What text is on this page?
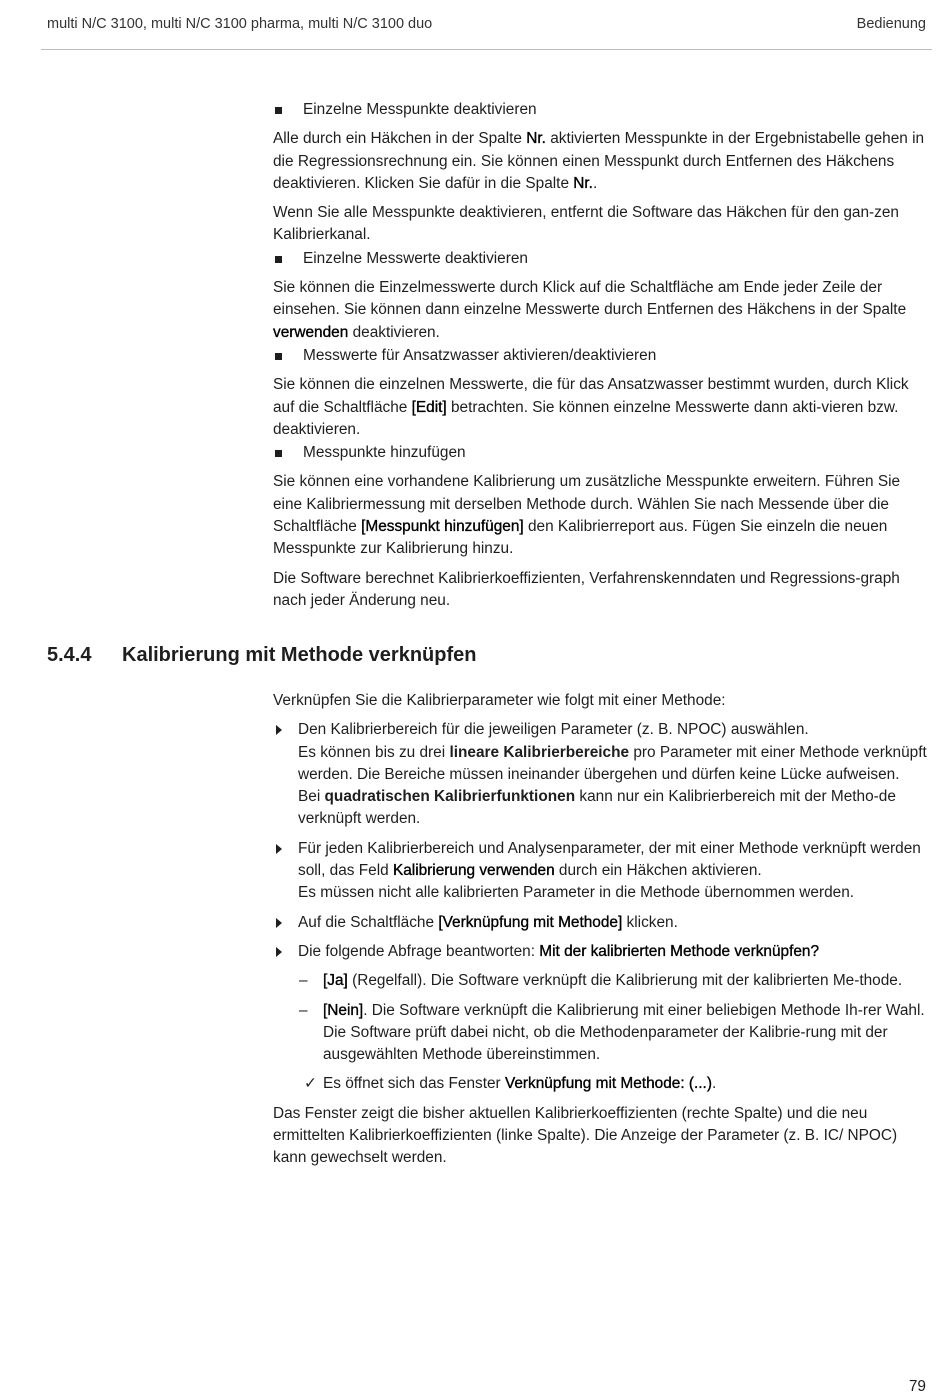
multi N/C 3100, multi N/C 3100 pharma, multi N/C 3100 duo	Bedienung
Einzelne Messpunkte deaktivieren

Alle durch ein Häkchen in der Spalte Nr. aktivierten Messpunkte in der Ergebnistabelle gehen in die Regressionsrechnung ein. Sie können einen Messpunkt durch Entfernen des Häkchens deaktivieren. Klicken Sie dafür in die Spalte Nr..

Wenn Sie alle Messpunkte deaktivieren, entfernt die Software das Häkchen für den gan-zen Kalibrierkanal.

Einzelne Messwerte deaktivieren

Sie können die Einzelmesswerte durch Klick auf die Schaltfläche am Ende jeder Zeile der einsehen. Sie können dann einzelne Messwerte durch Entfernen des Häkchens in der Spalte verwenden deaktivieren.

Messwerte für Ansatzwasser aktivieren/deaktivieren

Sie können die einzelnen Messwerte, die für das Ansatzwasser bestimmt wurden, durch Klick auf die Schaltfläche [Edit] betrachten. Sie können einzelne Messwerte dann akti-vieren bzw. deaktivieren.

Messpunkte hinzufügen

Sie können eine vorhandene Kalibrierung um zusätzliche Messpunkte erweitern. Führen Sie eine Kalibriermessung mit derselben Methode durch. Wählen Sie nach Messende über die Schaltfläche [Messpunkt hinzufügen] den Kalibrierreport aus. Fügen Sie einzeln die neuen Messpunkte zur Kalibrierung hinzu.

Die Software berechnet Kalibrierkoeffizienten, Verfahrenskenndaten und Regressions-graph nach jeder Änderung neu.

5.4.4 Kalibrierung mit Methode verknüpfen

Verknüpfen Sie die Kalibrierparameter wie folgt mit einer Methode:

Den Kalibrierbereich für die jeweiligen Parameter (z. B. NPOC) auswählen.
Es können bis zu drei lineare Kalibrierbereiche pro Parameter mit einer Methode verknüpft werden. Die Bereiche müssen ineinander übergehen und dürfen keine Lücke aufweisen.
Bei quadratischen Kalibrierfunktionen kann nur ein Kalibrierbereich mit der Metho-de verknüpft werden.
Für jeden Kalibrierbereich und Analysenparameter, der mit einer Methode verknüpft werden soll, das Feld Kalibrierung verwenden durch ein Häkchen aktivieren.
Es müssen nicht alle kalibrierten Parameter in die Methode übernommen werden.
Auf die Schaltfläche [Verknüpfung mit Methode] klicken.
Die folgende Abfrage beantworten: Mit der kalibrierten Methode verknüpfen?
– [Ja] (Regelfall). Die Software verknüpft die Kalibrierung mit der kalibrierten Me-thode.
– [Nein]. Die Software verknüpft die Kalibrierung mit einer beliebigen Methode Ih-rer Wahl. Die Software prüft dabei nicht, ob die Methodenparameter der Kalibrie-rung mit der ausgewählten Methode übereinstimmen.
✓ Es öffnet sich das Fenster Verknüpfung mit Methode: (...).

Das Fenster zeigt die bisher aktuellen Kalibrierkoeffizienten (rechte Spalte) und die neu ermittelten Kalibrierkoeffizienten (linke Spalte). Die Anzeige der Parameter (z. B. IC/ NPOC) kann gewechselt werden.

79
